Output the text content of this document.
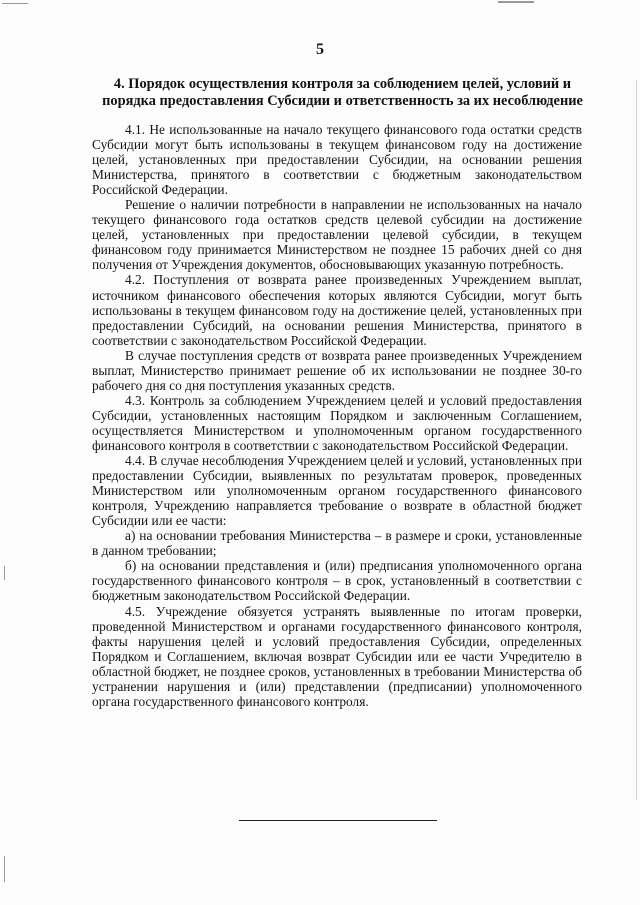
5
4. Порядок осуществления контроля за соблюдением целей, условий и порядка предоставления Субсидии и ответственность за их несоблюдение

4.1. Не использованные на начало текущего финансового года остатки средств Субсидии могут быть использованы в текущем финансовом году на достижение целей, установленных при предоставлении Субсидии, на основании решения Министерства, принятого в соответствии с бюджетным законодательством Российской Федерации.

Решение о наличии потребности в направлении не использованных на начало текущего финансового года остатков средств целевой субсидии на достижение целей, установленных при предоставлении целевой субсидии, в текущем финансовом году принимается Министерством не позднее 15 рабочих дней со дня получения от Учреждения документов, обосновывающих указанную потребность.

4.2. Поступления от возврата ранее произведенных Учреждением выплат, источником финансового обеспечения которых являются Субсидии, могут быть использованы в текущем финансовом году на достижение целей, установленных при предоставлении Субсидий, на основании решения Министерства, принятого в соответствии с законодательством Российской Федерации.

В случае поступления средств от возврата ранее произведенных Учреждением выплат, Министерство принимает решение об их использовании не позднее 30-го рабочего дня со дня поступления указанных средств.

4.3. Контроль за соблюдением Учреждением целей и условий предоставления Субсидии, установленных настоящим Порядком и заключенным Соглашением, осуществляется Министерством и уполномоченным органом государственного финансового контроля в соответствии с законодательством Российской Федерации.

4.4. В случае несоблюдения Учреждением целей и условий, установленных при предоставлении Субсидии, выявленных по результатам проверок, проведенных Министерством или уполномоченным органом государственного финансового контроля, Учреждению направляется требование о возврате в областной бюджет Субсидии или ее части:

а) на основании требования Министерства – в размере и сроки, установленные в данном требовании;

б) на основании представления и (или) предписания уполномоченного органа государственного финансового контроля – в срок, установленный в соответствии с бюджетным законодательством Российской Федерации.

4.5. Учреждение обязуется устранять выявленные по итогам проверки, проведенной Министерством и органами государственного финансового контроля, факты нарушения целей и условий предоставления Субсидии, определенных Порядком и Соглашением, включая возврат Субсидии или ее части Учредителю в областной бюджет, не позднее сроков, установленных в требовании Министерства об устранении нарушения и (или) представлении (предписании) уполномоченного органа государственного финансового контроля.
